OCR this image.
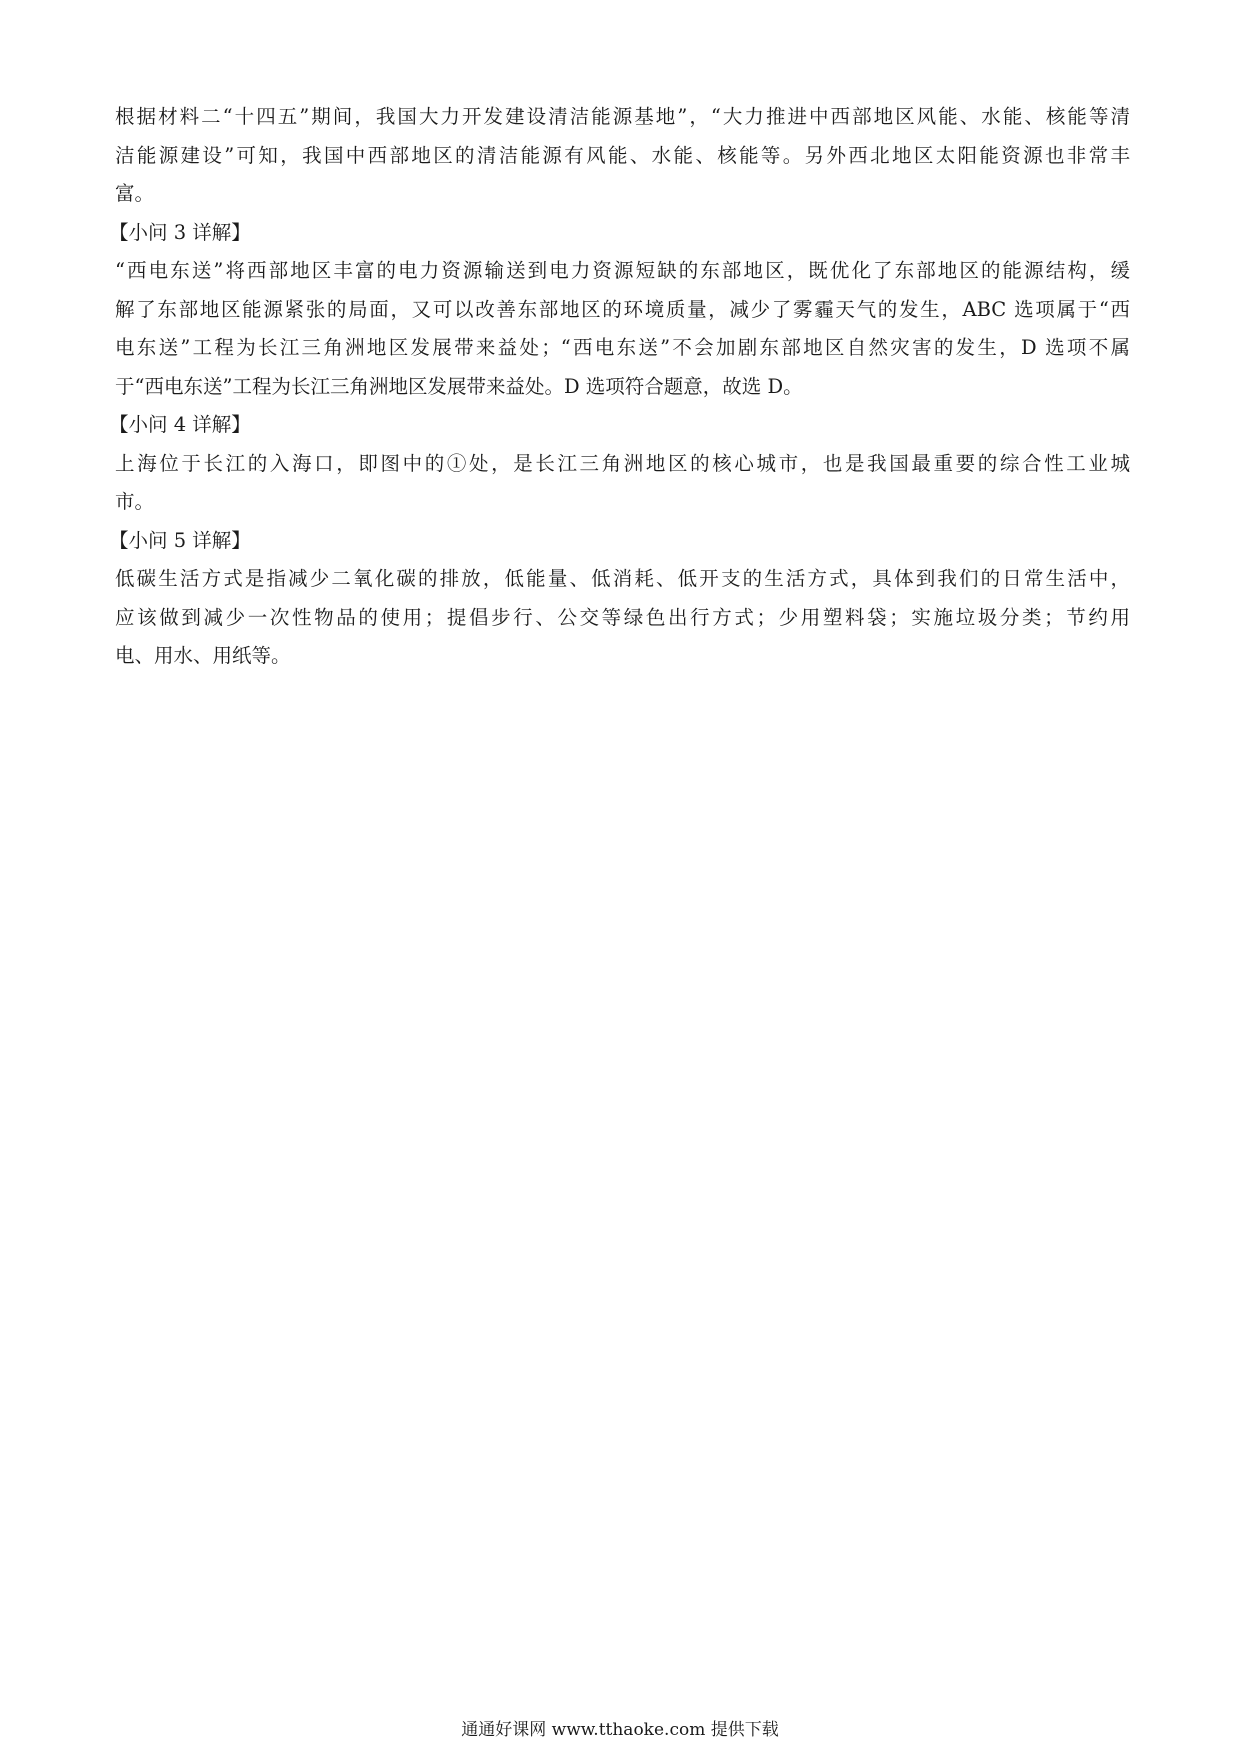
根据材料二“十四五”期间，我国大力开发建设清洁能源基地”，“大力推进中西部地区风能、水能、核能等清
洁能源建设”可知，我国中西部地区的清洁能源有风能、水能、核能等。另外西北地区太阳能资源也非常丰
富。
【小问 3 详解】
“西电东送”将西部地区丰富的电力资源输送到电力资源短缺的东部地区，既优化了东部地区的能源结构，缓
解了东部地区能源紧张的局面，又可以改善东部地区的环境质量，减少了雾霾天气的发生，ABC 选项属于“西
电东送”工程为长江三角洲地区发展带来益处；“西电东送”不会加剧东部地区自然灾害的发生，D 选项不属
于“西电东送”工程为长江三角洲地区发展带来益处。D 选项符合题意，故选 D。
【小问 4 详解】
上海位于长江的入海口，即图中的①处，是长江三角洲地区的核心城市，也是我国最重要的综合性工业城
市。
【小问 5 详解】
低碳生活方式是指减少二氧化碳的排放，低能量、低消耗、低开支的生活方式，具体到我们的日常生活中，
应该做到减少一次性物品的使用；提倡步行、公交等绿色出行方式；少用塑料袋；实施垃圾分类；节约用
电、用水、用纸等。
通通好课网 www.tthaoke.com 提供下载
